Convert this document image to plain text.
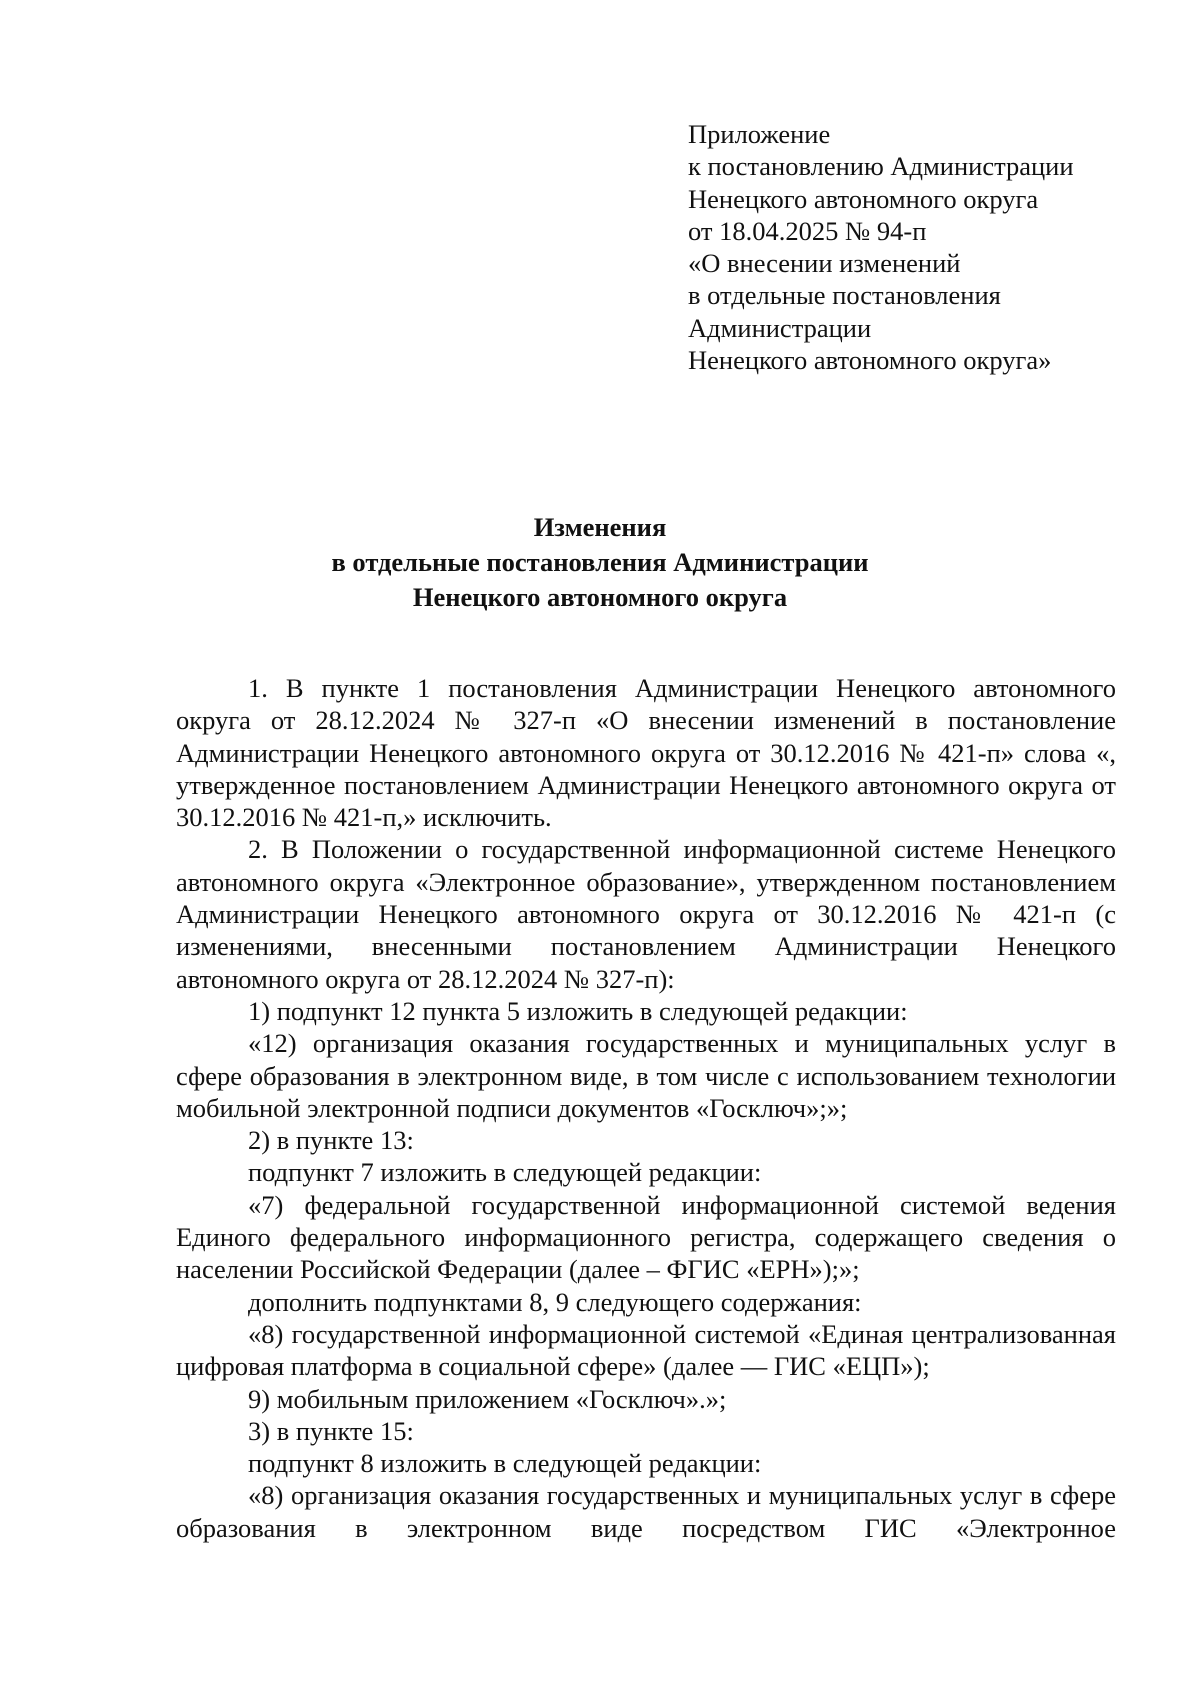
Приложение
к постановлению Администрации
Ненецкого автономного округа
от 18.04.2025 № 94-п
«О внесении изменений
в отдельные постановления
Администрации
Ненецкого автономного округа»
Изменения
в отдельные постановления Администрации
Ненецкого автономного округа

1. В пункте 1 постановления Администрации Ненецкого автономного округа от 28.12.2024 № 327-п «О внесении изменений в постановление Администрации Ненецкого автономного округа от 30.12.2016 № 421-п» слова «, утвержденное постановлением Администрации Ненецкого автономного округа от 30.12.2016 № 421-п,» исключить.

2. В Положении о государственной информационной системе Ненецкого автономного округа «Электронное образование», утвержденном постановлением Администрации Ненецкого автономного округа от 30.12.2016 № 421-п (с изменениями, внесенными постановлением Администрации Ненецкого автономного округа от 28.12.2024 № 327-п):

1) подпункт 12 пункта 5 изложить в следующей редакции:

«12) организация оказания государственных и муниципальных услуг в сфере образования в электронном виде, в том числе с использованием технологии мобильной электронной подписи документов «Госключ»;»;

2) в пункте 13:

подпункт 7 изложить в следующей редакции:

«7) федеральной государственной информационной системой ведения Единого федерального информационного регистра, содержащего сведения о населении Российской Федерации (далее – ФГИС «ЕРН»);»;

дополнить подпунктами 8, 9 следующего содержания:

«8) государственной информационной системой «Единая централизованная цифровая платформа в социальной сфере» (далее — ГИС «ЕЦП»);

9) мобильным приложением «Госключ».»;

3) в пункте 15:

подпункт 8 изложить в следующей редакции:

«8) организация оказания государственных и муниципальных услуг в сфере образования в электронном виде посредством ГИС «Электронное
